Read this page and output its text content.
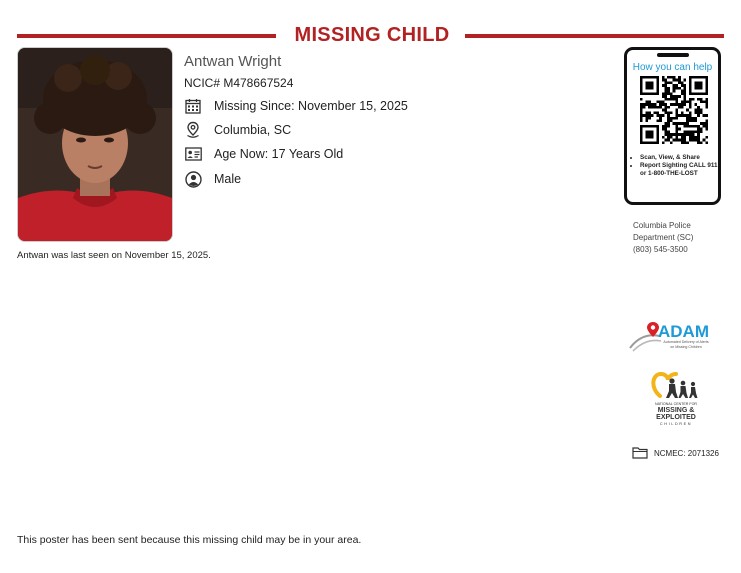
MISSING CHILD
Antwan Wright
NCIC# M478667524
Missing Since: November 15, 2025
Columbia, SC
Age Now: 17 Years Old
Male
Antwan was last seen on November 15, 2025.
How you can help
• Scan, View, & Share
• Report Sighting CALL 911 or 1-800-THE-LOST
Columbia Police
Department (SC)
(803) 545-3500
ADAM
Automated Delivery of Alerts
on Missing Children
NATIONAL CENTER FOR
MISSING &
EXPLOITED
CHILDREN
NCMEC: 2071326
This poster has been sent because this missing child may be in your area.
